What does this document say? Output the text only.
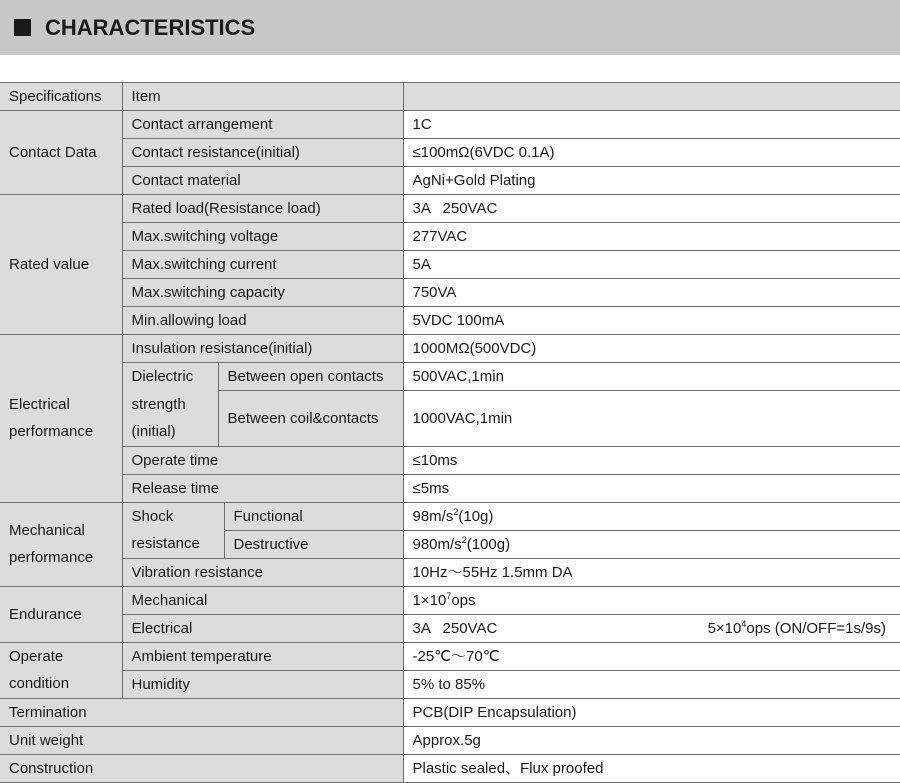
CHARACTERISTICS
Specifications	Item			
Contact Data	Contact arrangement			1C
	Contact resistance(initial)			≤100mΩ(6VDC 0.1A)
	Contact material			AgNi+Gold Plating
Rated value	Rated load(Resistance load)			3A   250VAC
	Max.switching voltage			277VAC
	Max.switching current			5A
	Max.switching capacity			750VA
	Min.allowing load			5VDC 100mA
Electrical performance	Insulation resistance(initial)			1000MΩ(500VDC)
	Dielectric strength (initial)	Between open contacts		500VAC,1min
		Between coil&contacts		1000VAC,1min
	Operate time			≤10ms
	Release time			≤5ms
Mechanical performance	Shock resistance		Functional	$98m/s^2(10g)$
			Destructive	$980m/s^2(100g)$
	Vibration resistance			10Hz～55Hz 1.5mm DA
Endurance	Mechanical			$1\times 10^7ops$
	Electrical			3A   250VAC $5\times 10^4ops$ (ON/OFF=1s/9s)

Operate condition	Ambient temperature			-25℃～70℃
	Humidity			5% to 85%
Termination				PCB(DIP Encapsulation)
Unit weight				Approx.5g
Construction				Plastic sealed、Flux proofed
